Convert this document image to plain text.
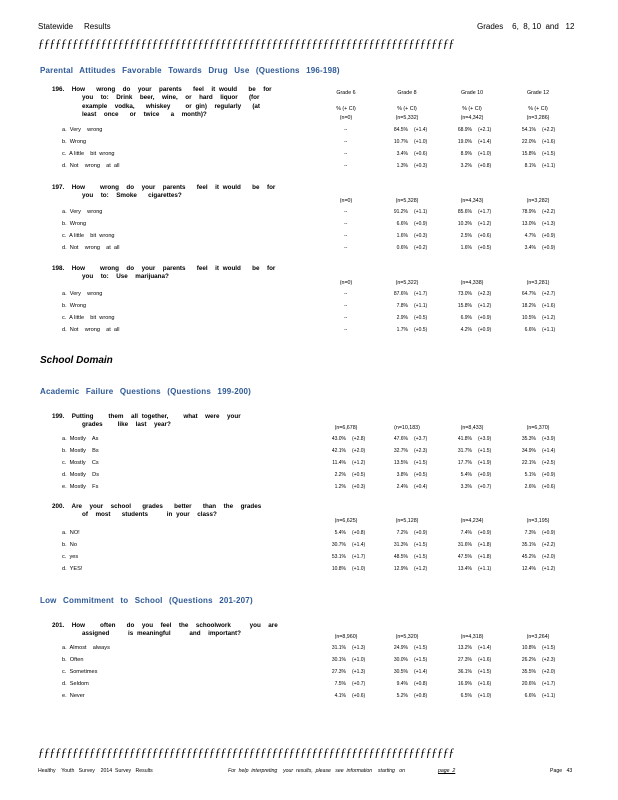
Statewide Results	Grades    6,  8, 10  and   12
ƒƒƒƒƒƒƒƒƒƒƒƒƒƒƒƒƒƒƒƒƒƒƒƒƒƒƒƒƒƒƒƒƒƒƒƒƒƒƒƒƒƒƒƒƒƒƒƒƒƒƒƒƒƒƒƒƒƒƒƒƒƒƒƒƒƒƒƒƒƒƒƒƒ
Parental Attitudes Favorable Towards Drug Use (Questions 196-198)
School Domain
Academic Failure Questions (Questions 199-200)
Low Commitment to School (Questions 201-207)
Grade 6	Grade 8	Grade 10	Grade 12
% (+ CI)	% (+ CI)	% (+ CI)	% (+ CI)
196.  How   wrong  do  your  parents   feel  it would   be  for
you  to:  Drink  beer,  wine,  or  hard  liquor   (for
example  vodka,   whiskey    or gin)  regularly   (at
least  once   or  twice   a  month)?
(n=0)	(n=5,332)	(n=4,342)	(n=3,286)
a.  Very    wrong	--	84.5% (+1.4)	68.9% (+2.1)	54.1% (+2.2)
b.  Wrong	--	10.7% (+1.0)	19.0% (+1.4)	22.0% (+1.6)
c.  A little    bit  wrong	--	3.4% (+0.6)	8.9% (+1.0)	15.8% (+1.5)
d.  Not    wrong    at  all	--	1.3% (+0.3)	3.2% (+0.8)	8.1% (+1.1)
197.  How    wrong  do  your  parents   feel  it would   be  for
you  to:  Smoke   cigarettes?
(n=0)	(n=5,328)	(n=4,343)	(n=3,282)
a.  Very    wrong	--	91.2% (+1.1)	85.6% (+1.7)	78.9% (+2.2)
b.  Wrong	--	6.6% (+0.9)	10.3% (+1.2)	13.0% (+1.3)
c.  A little    bit  wrong	--	1.6% (+0.3)	2.5% (+0.6)	4.7% (+0.9)
d.  Not    wrong    at  all	--	0.6% (+0.2)	1.6% (+0.5)	3.4% (+0.9)
198.  How    wrong  do  your  parents   feel  it would   be  for
you  to:  Use  marijuana?
(n=0)	(n=5,322)	(n=4,338)	(n=3,281)
a.  Very    wrong	--	87.6% (+1.7)	73.0% (+2.3)	64.7% (+2.7)
b.  Wrong	--	7.8% (+1.1)	15.8% (+1.2)	18.2% (+1.6)
c.  A little    bit  wrong	--	2.9% (+0.5)	6.9% (+0.9)	10.5% (+1.2)
d.  Not    wrong    at  all	--	1.7% (+0.5)	4.2% (+0.9)	6.6% (+1.1)
199.  Putting    them  all together,    what  were  your
grades    like  last  year?	(n=6,678)	(n=10,183)	(n=8,433)	(n=6,370)
a.  Mostly    As	43.0% (+2.8)	47.6% (+3.7)	41.8% (+3.9)	35.3% (+3.9)
b.  Mostly    Bs	42.1% (+2.0)	32.7% (+2.3)	31.7% (+1.5)	34.9% (+1.4)
c.  Mostly    Cs	11.4% (+1.2)	13.5% (+1.5)	17.7% (+1.9)	22.1% (+2.5)
d.  Mostly    Ds	2.2% (+0.5)	3.8% (+0.5)	5.4% (+0.9)	5.1% (+0.9)
e.  Mostly    Fs	1.2% (+0.3)	2.4% (+0.4)	3.3% (+0.7)	2.6% (+0.6)
200.  Are  your  school   grades   better   than  the  grades
of  most   students     in your  class?
(n=6,625)	(n=5,128)	(n=4,234)	(n=3,195)
a.  NO!	5.4% (+0.8)	7.2% (+0.9)	7.4% (+0.9)	7.3% (+0.9)
b.  No	30.7% (+1.4)	31.3% (+1.5)	31.6% (+1.8)	35.1% (+2.2)
c.  yes	53.1% (+1.7)	48.5% (+1.5)	47.5% (+1.8)	45.2% (+2.0)
d.  YES!	10.8% (+1.0)	12.9% (+1.2)	13.4% (+1.1)	12.4% (+1.2)
201.  How    often   do  you  feel  the  schoolwork     you  are
assigned     is meaningful     and  important?	(n=8,960)	(n=5,320)	(n=4,318)	(n=3,264)
a.  Almost    always	31.1% (+1.3)	24.9% (+1.5)	13.2% (+1.4)	10.8% (+1.5)
b.  Often	30.1% (+1.0)	30.0% (+1.5)	27.3% (+1.6)	26.2% (+2.3)
c.  Sometimes	27.3% (+1.3)	30.5% (+1.4)	36.1% (+1.5)	35.5% (+2.0)
d.  Seldom	7.5% (+0.7)	9.4% (+0.8)	16.9% (+1.6)	20.6% (+1.7)
e.  Never	4.1% (+0.6)	5.2% (+0.8)	6.5% (+1.0)	6.6% (+1.1)
ƒƒƒƒƒƒƒƒƒƒƒƒƒƒƒƒƒƒƒƒƒƒƒƒƒƒƒƒƒƒƒƒƒƒƒƒƒƒƒƒƒƒƒƒƒƒƒƒƒƒƒƒƒƒƒƒƒƒƒƒƒƒƒƒƒƒƒƒƒƒƒƒƒ
Healthy    Youth   Survey    2014  Survey   Results	For  help  interpreting    your  results,  please   see  information    starting   on	page  2	Page   43
